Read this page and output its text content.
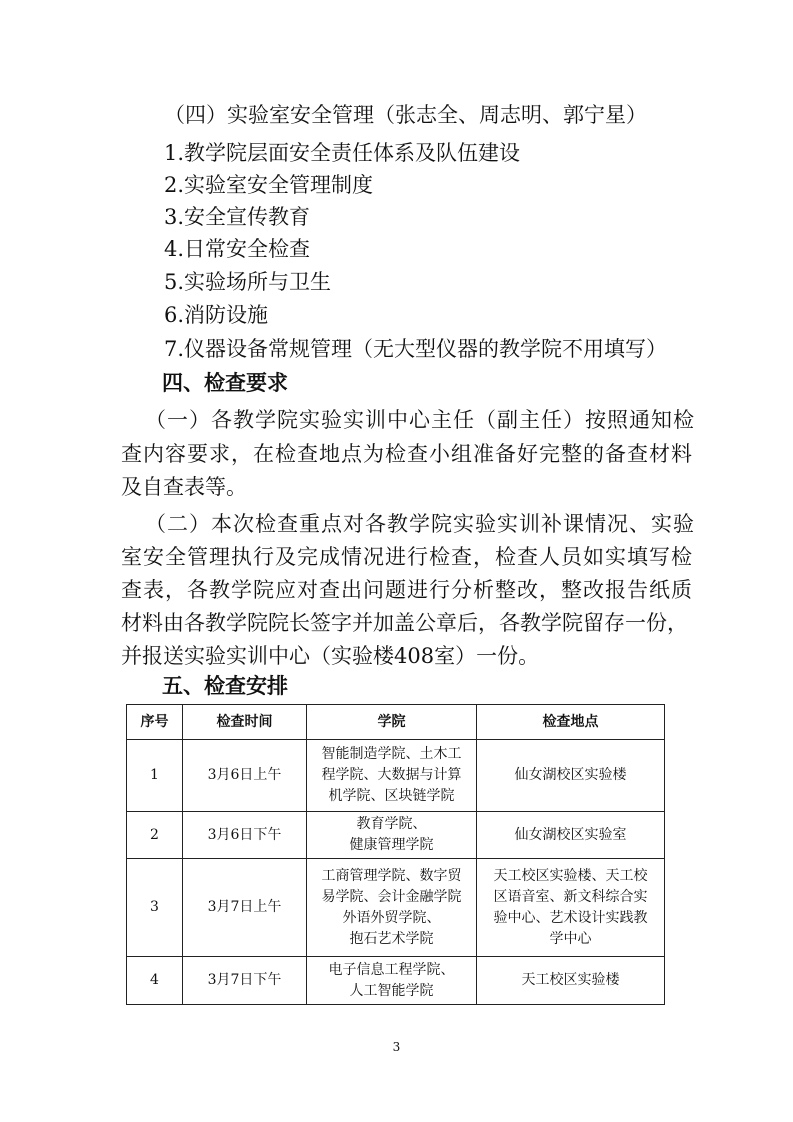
（四）实验室安全管理（张志全、周志明、郭宁星）
1.教学院层面安全责任体系及队伍建设
2.实验室安全管理制度
3.安全宣传教育
4.日常安全检查
5.实验场所与卫生
6.消防设施
7.仪器设备常规管理（无大型仪器的教学院不用填写）
四、检查要求
（一）各教学院实验实训中心主任（副主任）按照通知检
查内容要求，在检查地点为检查小组准备好完整的备查材料
及自查表等。
（二）本次检查重点对各教学院实验实训补课情况、实验
室安全管理执行及完成情况进行检查，检查人员如实填写检
查表，各教学院应对查出问题进行分析整改，整改报告纸质
材料由各教学院院长签字并加盖公章后，各教学院留存一份，
并报送实验实训中心（实验楼408室）一份。
五、检查安排
序号	检查时间	学院	检查地点
1	3月6日上午	智能制造学院、土木工
程学院、大数据与计算
机学院、区块链学院	仙女湖校区实验楼
2	3月6日下午	教育学院、
健康管理学院	仙女湖校区实验室
3	3月7日上午	工商管理学院、数字贸
易学院、会计金融学院
外语外贸学院、
抱石艺术学院	天工校区实验楼、天工校
区语音室、新文科综合实
验中心、艺术设计实践教
学中心

4	3月7日下午	电子信息工程学院、
人工智能学院	天工校区实验楼
3
